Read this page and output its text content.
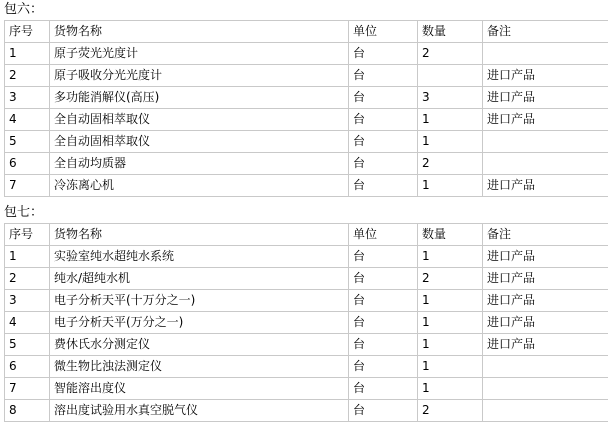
包六：
序号	货物名称	单位	数量	备注
1	原子荧光光度计	台	2	
2	原子吸收分光光度计	台		进口产品
3	多功能消解仪(高压)	台	3	进口产品
4	全自动固相萃取仪	台	1	进口产品
5	全自动固相萃取仪	台	1	
6	全自动均质器	台	2	
7	冷冻离心机	台	1	进口产品
包七：
序号	货物名称	单位	数量	备注
1	实验室纯水超纯水系统	台	1	进口产品
2	纯水/超纯水机	台	2	进口产品
3	电子分析天平(十万分之一)	台	1	进口产品
4	电子分析天平(万分之一)	台	1	进口产品
5	费休氏水分测定仪	台	1	进口产品
6	微生物比浊法测定仪	台	1	
7	智能溶出度仪	台	1	
8	溶出度试验用水真空脱气仪	台	2	
